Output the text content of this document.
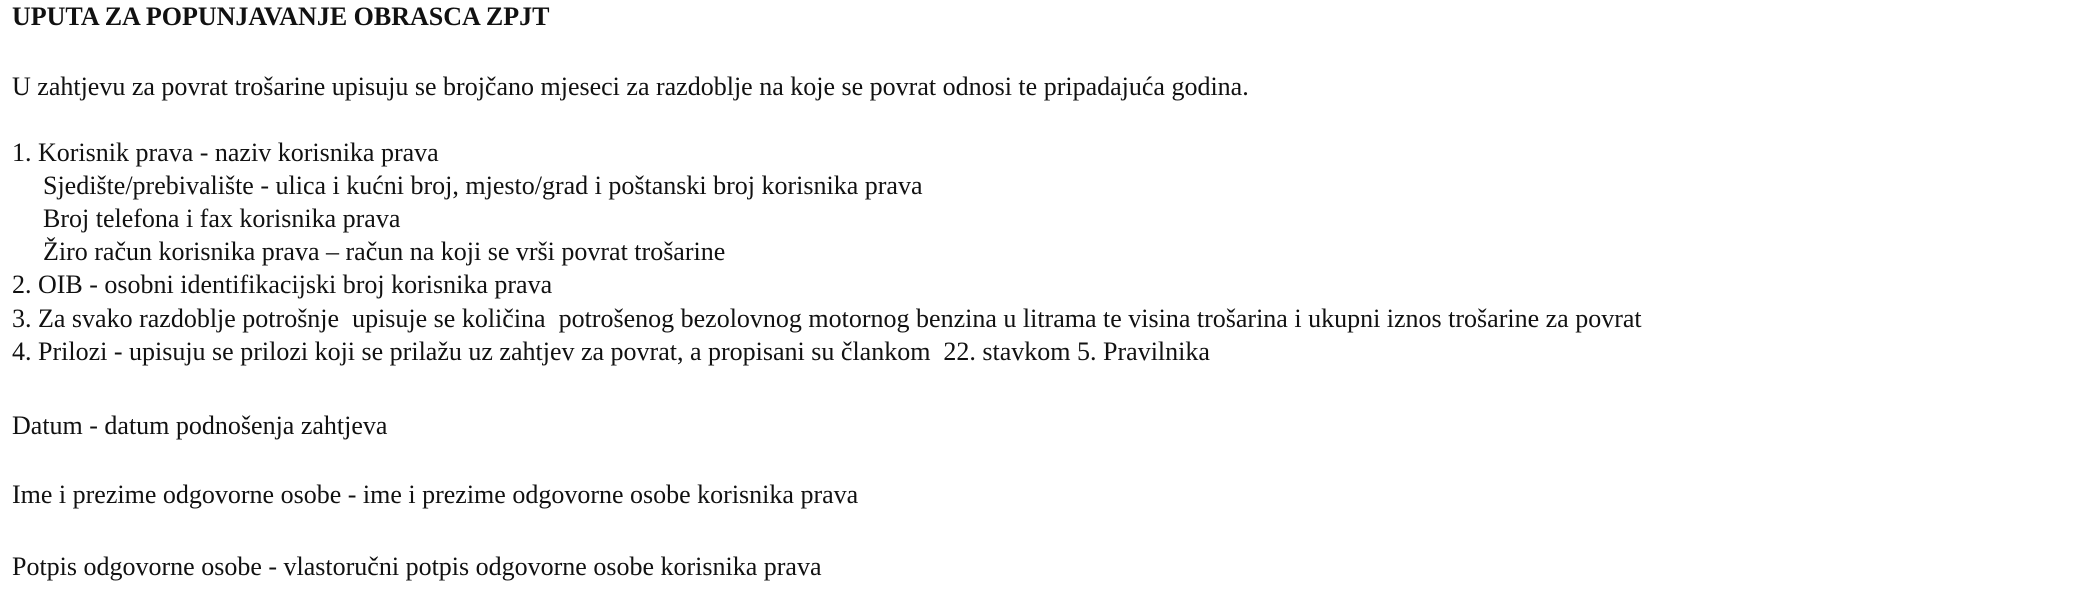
UPUTA ZA POPUNJAVANJE OBRASCA ZPJT
U zahtjevu za povrat trošarine upisuju se brojčano mjeseci za razdoblje na koje se povrat odnosi te pripadajuća godina.
1. Korisnik prava - naziv korisnika prava
Sjedište/prebivalište - ulica i kućni broj, mjesto/grad i poštanski broj korisnika prava
Broj telefona i fax korisnika prava
Žiro račun korisnika prava – račun na koji se vrši povrat trošarine
2. OIB - osobni identifikacijski broj korisnika prava
3. Za svako razdoblje potrošnje  upisuje se količina  potrošenog bezolovnog motornog benzina u litrama te visina trošarina i ukupni iznos trošarine za povrat
4. Prilozi - upisuju se prilozi koji se prilažu uz zahtjev za povrat, a propisani su člankom  22. stavkom 5. Pravilnika
Datum - datum podnošenja zahtjeva
Ime i prezime odgovorne osobe - ime i prezime odgovorne osobe korisnika prava
Potpis odgovorne osobe - vlastoručni potpis odgovorne osobe korisnika prava
